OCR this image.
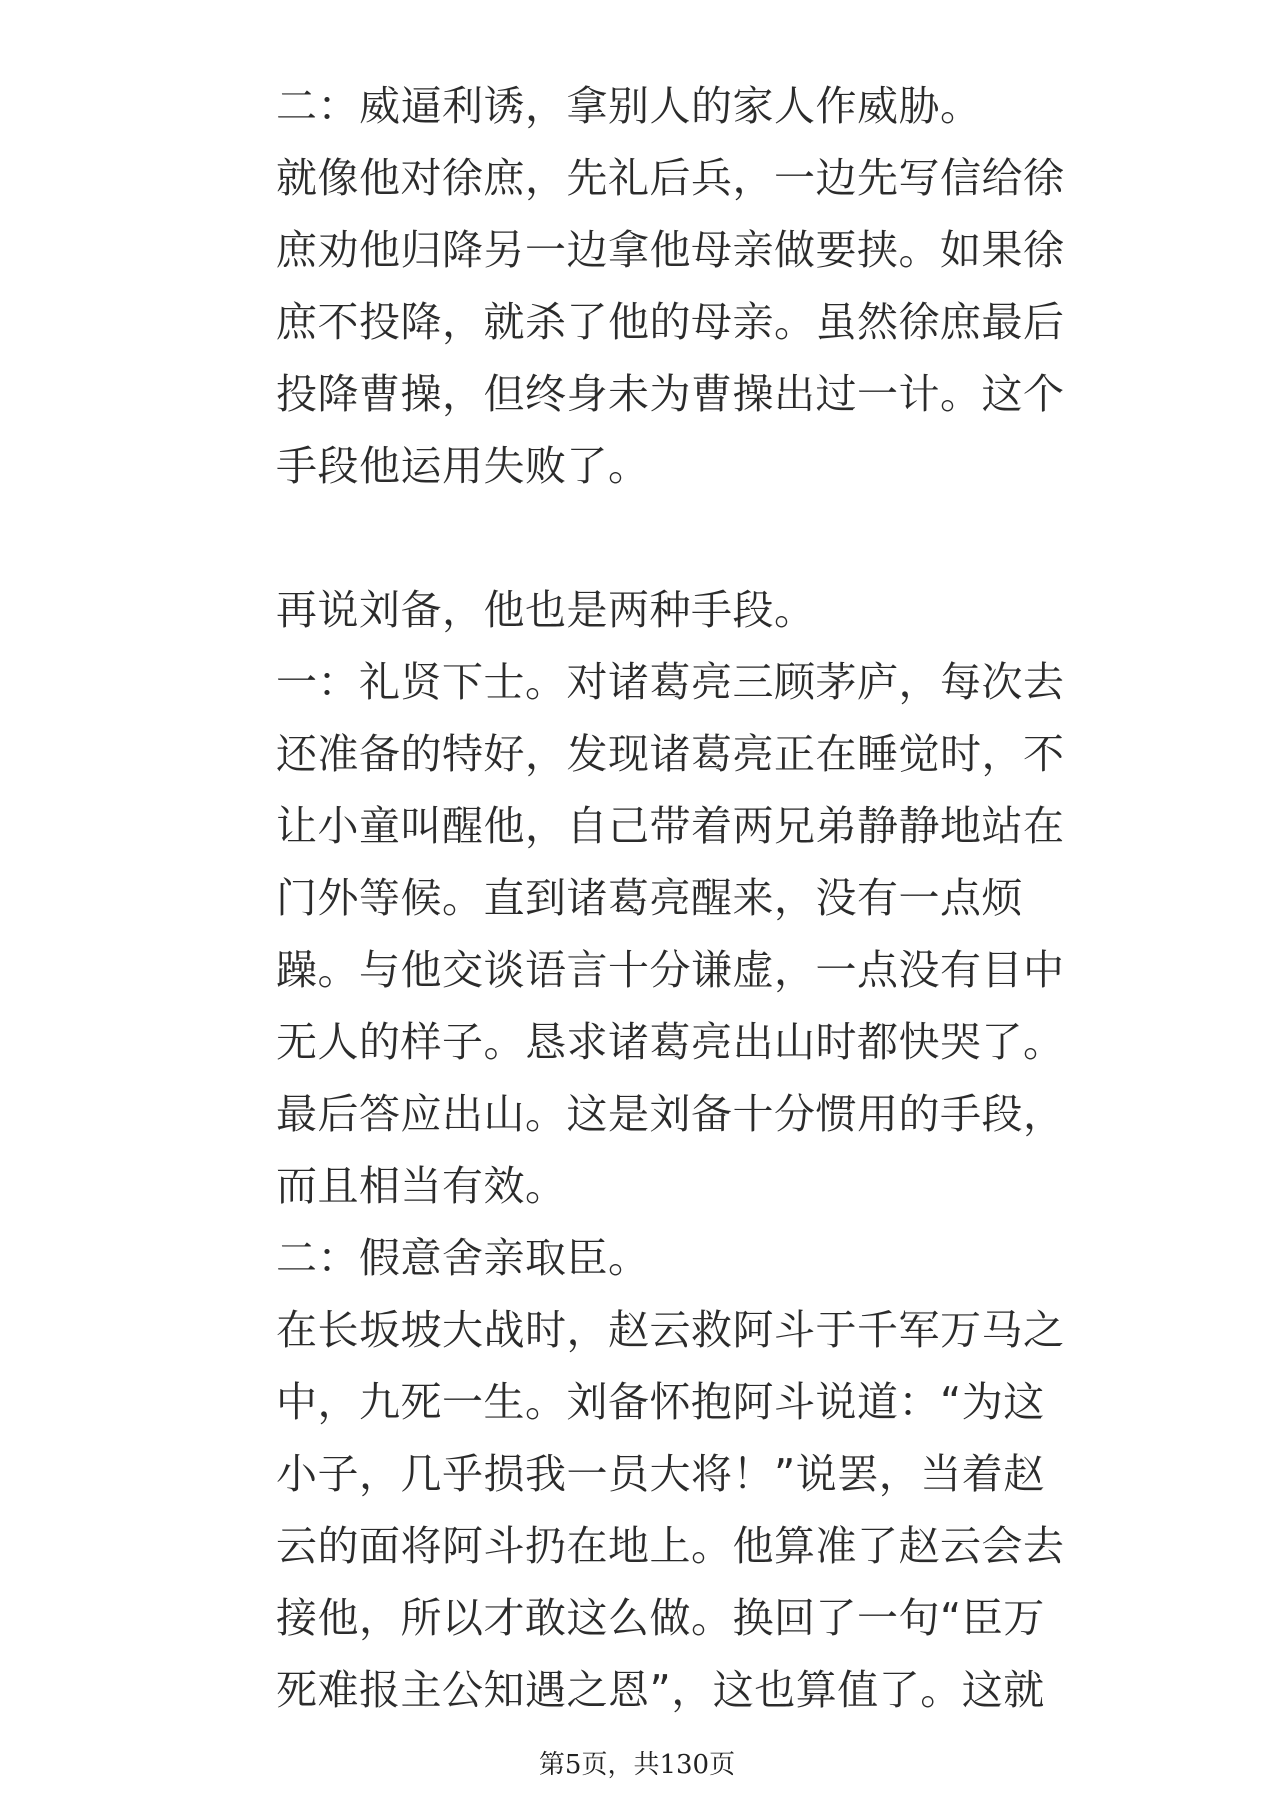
二：威逼利诱，拿别人的家人作威胁。
就像他对徐庶，先礼后兵，一边先写信给徐
庶劝他归降另一边拿他母亲做要挟。如果徐
庶不投降，就杀了他的母亲。虽然徐庶最后
投降曹操，但终身未为曹操出过一计。这个
手段他运用失败了。
再说刘备，他也是两种手段。
一：礼贤下士。对诸葛亮三顾茅庐，每次去
还准备的特好，发现诸葛亮正在睡觉时，不
让小童叫醒他，自己带着两兄弟静静地站在
门外等候。直到诸葛亮醒来，没有一点烦
躁。与他交谈语言十分谦虚，一点没有目中
无人的样子。恳求诸葛亮出山时都快哭了。
最后答应出山。这是刘备十分惯用的手段，
而且相当有效。
二：假意舍亲取臣。
在长坂坡大战时，赵云救阿斗于千军万马之
中，九死一生。刘备怀抱阿斗说道：“为这
小子，几乎损我一员大将！”说罢，当着赵
云的面将阿斗扔在地上。他算准了赵云会去
接他，所以才敢这么做。换回了一句“臣万
死难报主公知遇之恩”，这也算值了。这就
第5页，共130页
